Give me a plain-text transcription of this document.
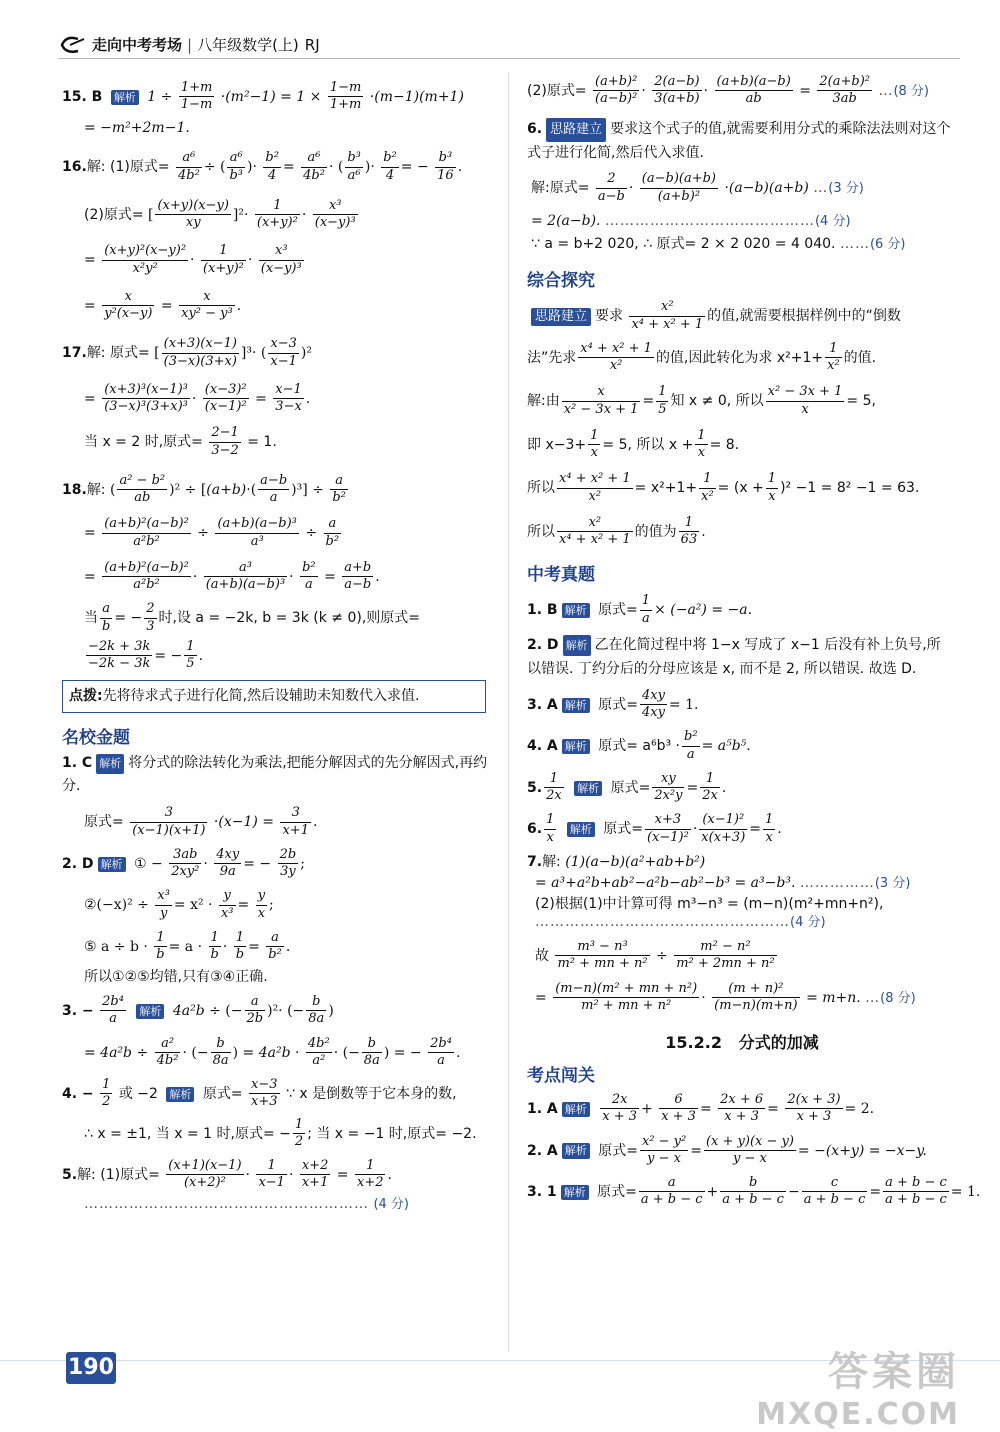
走向中考考场 | 八年级数学(上) RJ
15. B 解析 $1 \div \frac{1+m}{1-m} \cdot(m^2-1) = 1 \times \frac{1-m}{1+m} \cdot(m-1)(m+1)$
= −m²+2m−1.
16.解: (1)原式= $\frac{\text{a⁶}}{\text{4b²}}$ ÷ ( $\frac{\text{a⁶}}{\text{b³}}$ )· $\frac{\text{b²}}{4} = \frac{\text{a⁶}}{\text{4b²}}$ · ( $\frac{\text{b³}}{\text{a⁶}}$ )· $\frac{\text{b²}}{4}$ = − $\frac{\text{b³}}{16}$ .
(2)原式= [ $\frac{(x+y)(x-y)}{xy} ]^2\cdot \frac{1}{\text{(x+y)²}} \cdot \frac{\text{x³}}{\text{(x−y)³}}$
= $\frac{\text{(x+y)²(x−y)²}}{\text{x²y²}} \cdot \frac{1}{\text{(x+y)²}} \cdot \frac{\text{x³}}{\text{(x−y)³}}$
= $\frac{x}{\text{y²(x−y)}} = \frac{x}{\text{xy² − y³}}$ .
17.解: 原式= [ $\frac{(x+3)(x-1)}{(3-x)(3+x)} ]^3\cdot$ ( $\frac{x-3}{x-1} )^2$
= $\frac{\text{(x+3)³(x−1)³}}{\text{(3−x)³(3+x)³}} \cdot \frac{\text{(x−3)²}}{\text{(x−1)²}} = \frac{x-1}{3-x}$ .
当 x = 2 时,原式= $\frac{2-1}{3-2} = 1$.
18.解: ( $\frac{\text{a² − b²}}{ab} )^2 \div [(a+b)\cdot( \frac{a-b}{a} )^3] \div \frac{a}{\text{b²}}$
= $\frac{\text{(a+b)²(a−b)²}}{\text{a²b²}} \div \frac{\text{(a+b)(a−b)³}}{\text{a³}} \div \frac{a}{\text{b²}}$
= $\frac{\text{(a+b)²(a−b)²}}{\text{a²b²}} \cdot \frac{\text{a³}}{\text{(a+b)(a−b)³}} \cdot \frac{\text{b²}}{a} = \frac{a+b}{a-b}$ .
当 $\frac{a}{b}$ = − $\frac{2}{3}$ 时,设 a = −2k, b = 3k (k ≠ 0),则原式=
$\frac{-2k + 3k}{-2k - 3k}$ = − $\frac{1}{5}$ .
点拨:先将待求式子进行化简,然后设辅助未知数代入求值.
名校金题
1. C 解析 将分式的除法转化为乘法,把能分解因式的先分解因式,再约分.
原式= $\frac{3}{(x-1)(x+1)} \cdot(x-1) = \frac{3}{x+1}$ .
2. D 解析 ① − $\frac{3ab}{\text{2xy²}} \cdot \frac{4xy}{9a}$ = − $\frac{2b}{3y}$ ;
②(−x)² ÷ $\frac{\text{x³}}{y} = x^2 \cdot \frac{y}{\text{x³}} = \frac{y}{x}$ ;
⑤ $a \div b \cdot \frac{1}{b} = a \cdot \frac{1}{b} \cdot \frac{1}{b} = \frac{a}{\text{b²}}$ .
所以①②⑤均错,只有③④正确.
3. − $\frac{\text{2b⁴}}{a}$ 解析 4a²b ÷ (− $\frac{a}{2b} )^2\cdot$ (− $\frac{b}{8a}$ )
= $4a^2b \div \frac{\text{a²}}{\text{4b²}}$ · (− $\frac{b}{8a}$ ) = $4a^2b \cdot \frac{\text{4b²}}{\text{a²}}$ · (− $\frac{b}{8a}$ ) = − $\frac{\text{2b⁴}}{a}$ .
4. − $\frac{1}{2}$ 或 −2 解析 原式= $\frac{x-3}{x+3}$ ∵ x 是倒数等于它本身的数,
∴ x = ±1, 当 x = 1 时,原式= − $\frac{1}{2}$ ; 当 x = −1 时,原式= −2.
5.解: (1)原式= $\frac{(x+1)(x-1)}{\text{(x+2)²}} \cdot \frac{1}{x-1} \cdot \frac{x+2}{x+1} = \frac{1}{x+2}$ .
………………………………………………… (4 分)
(2)原式= $\frac{\text{(a+b)²}}{\text{(a−b)²}} \cdot \frac{2(a-b)}{3(a+b)} \cdot \frac{(a+b)(a-b)}{ab} = \frac{\text{2(a+b)²}}{3ab}$ …(8 分)
6. 思路建立 要求这个式子的值,就需要利用分式的乘除法法则对这个式子进行化简,然后代入求值.
解:原式= $\frac{2}{a-b} \cdot \frac{(a-b)(a+b)}{\text{(a+b)²}} \cdot(a-b)(a+b)$ …(3 分)
= 2(a−b). ……………………………………(4 分)
∵ a = b+2 020, ∴ 原式= 2 × 2 020 = 4 040. ……(6 分)
综合探究
思路建立 要求 $\frac{\text{x²}}{\text{x⁴ + x² + 1}}$ 的值,就需要根据样例中的“倒数
法”先求 $\frac{\text{x⁴ + x² + 1}}{\text{x²}}$ 的值,因此转化为求 $x^2+1+ \frac{1}{\text{x²}}$ 的值.
解:由 $\frac{x}{\text{x² − 3x + 1}} = \frac{1}{5}$ 知 x ≠ 0, 所以 $\frac{\text{x² − 3x + 1}}{x} = 5$,
即 $x-3+ \frac{1}{x} = 5$, 所以 $x + \frac{1}{x} = 8$.
所以 $\frac{\text{x⁴ + x² + 1}}{\text{x²}} = x^2+1+ \frac{1}{\text{x²}} = (x + \frac{1}{x} )^2 -1 = 8^2 -1 = 63$.
所以 $\frac{\text{x²}}{\text{x⁴ + x² + 1}}$ 的值为 $\frac{1}{63}$ .
中考真题
1. B 解析 原式= $\frac{1}{a} \times (-a^2) = -a$.
2. D 解析 乙在化简过程中将 1−x 写成了 x−1 后没有补上负号,所以错误. 丁约分后的分母应该是 x, 而不是 2, 所以错误. 故选 D.
3. A 解析 原式= $\frac{4xy}{4xy} = 1$.
4. A 解析 原式= $a^6b^3 \cdot \frac{\text{b²}}{a} = a^5b^5$.
5. $\frac{1}{2x}$ 解析 原式= $\frac{xy}{\text{2x²y}} = \frac{1}{2x}$ .
6. $\frac{1}{x}$ 解析 原式= $\frac{x+3}{\text{(x−1)²}} \cdot \frac{\text{(x−1)²}}{x(x+3)} = \frac{1}{x}$ .
7.解: (1)(a−b)(a²+ab+b²)
= a³+a²b+ab²−a²b−ab²−b³ = a³−b³. ……………(3 分)
(2)根据(1)中计算可得 m³−n³ = (m−n)(m²+mn+n²),
……………………………………………(4 分)
故 $\frac{\text{m³ − n³}}{\text{m² + mn + n²}} \div \frac{\text{m² − n²}}{\text{m² + 2mn + n²}}$
= $\frac{\text{(m−n)(m² + mn + n²)}}{\text{m² + mn + n²}} \cdot \frac{\text{(m + n)²}}{(m-n)(m+n)} = m+n$. …(8 分)
15.2.2 分式的加减
考点闯关
1. A 解析 $\frac{2x}{x + 3} + \frac{6}{x + 3} = \frac{2x + 6}{x + 3} = \frac{2(x + 3)}{x + 3} = 2$.
2. A 解析 原式= $\frac{\text{x² − y²}}{y - x} = \frac{(x + y)(x - y)}{y - x} = -(x+y) = -x-y$.
3. 1 解析 原式= $\frac{a}{a + b - c} + \frac{b}{a + b - c} - \frac{c}{a + b - c} = \frac{a + b - c}{a + b - c} = 1$.
190	答案圈
MXQE.COM
